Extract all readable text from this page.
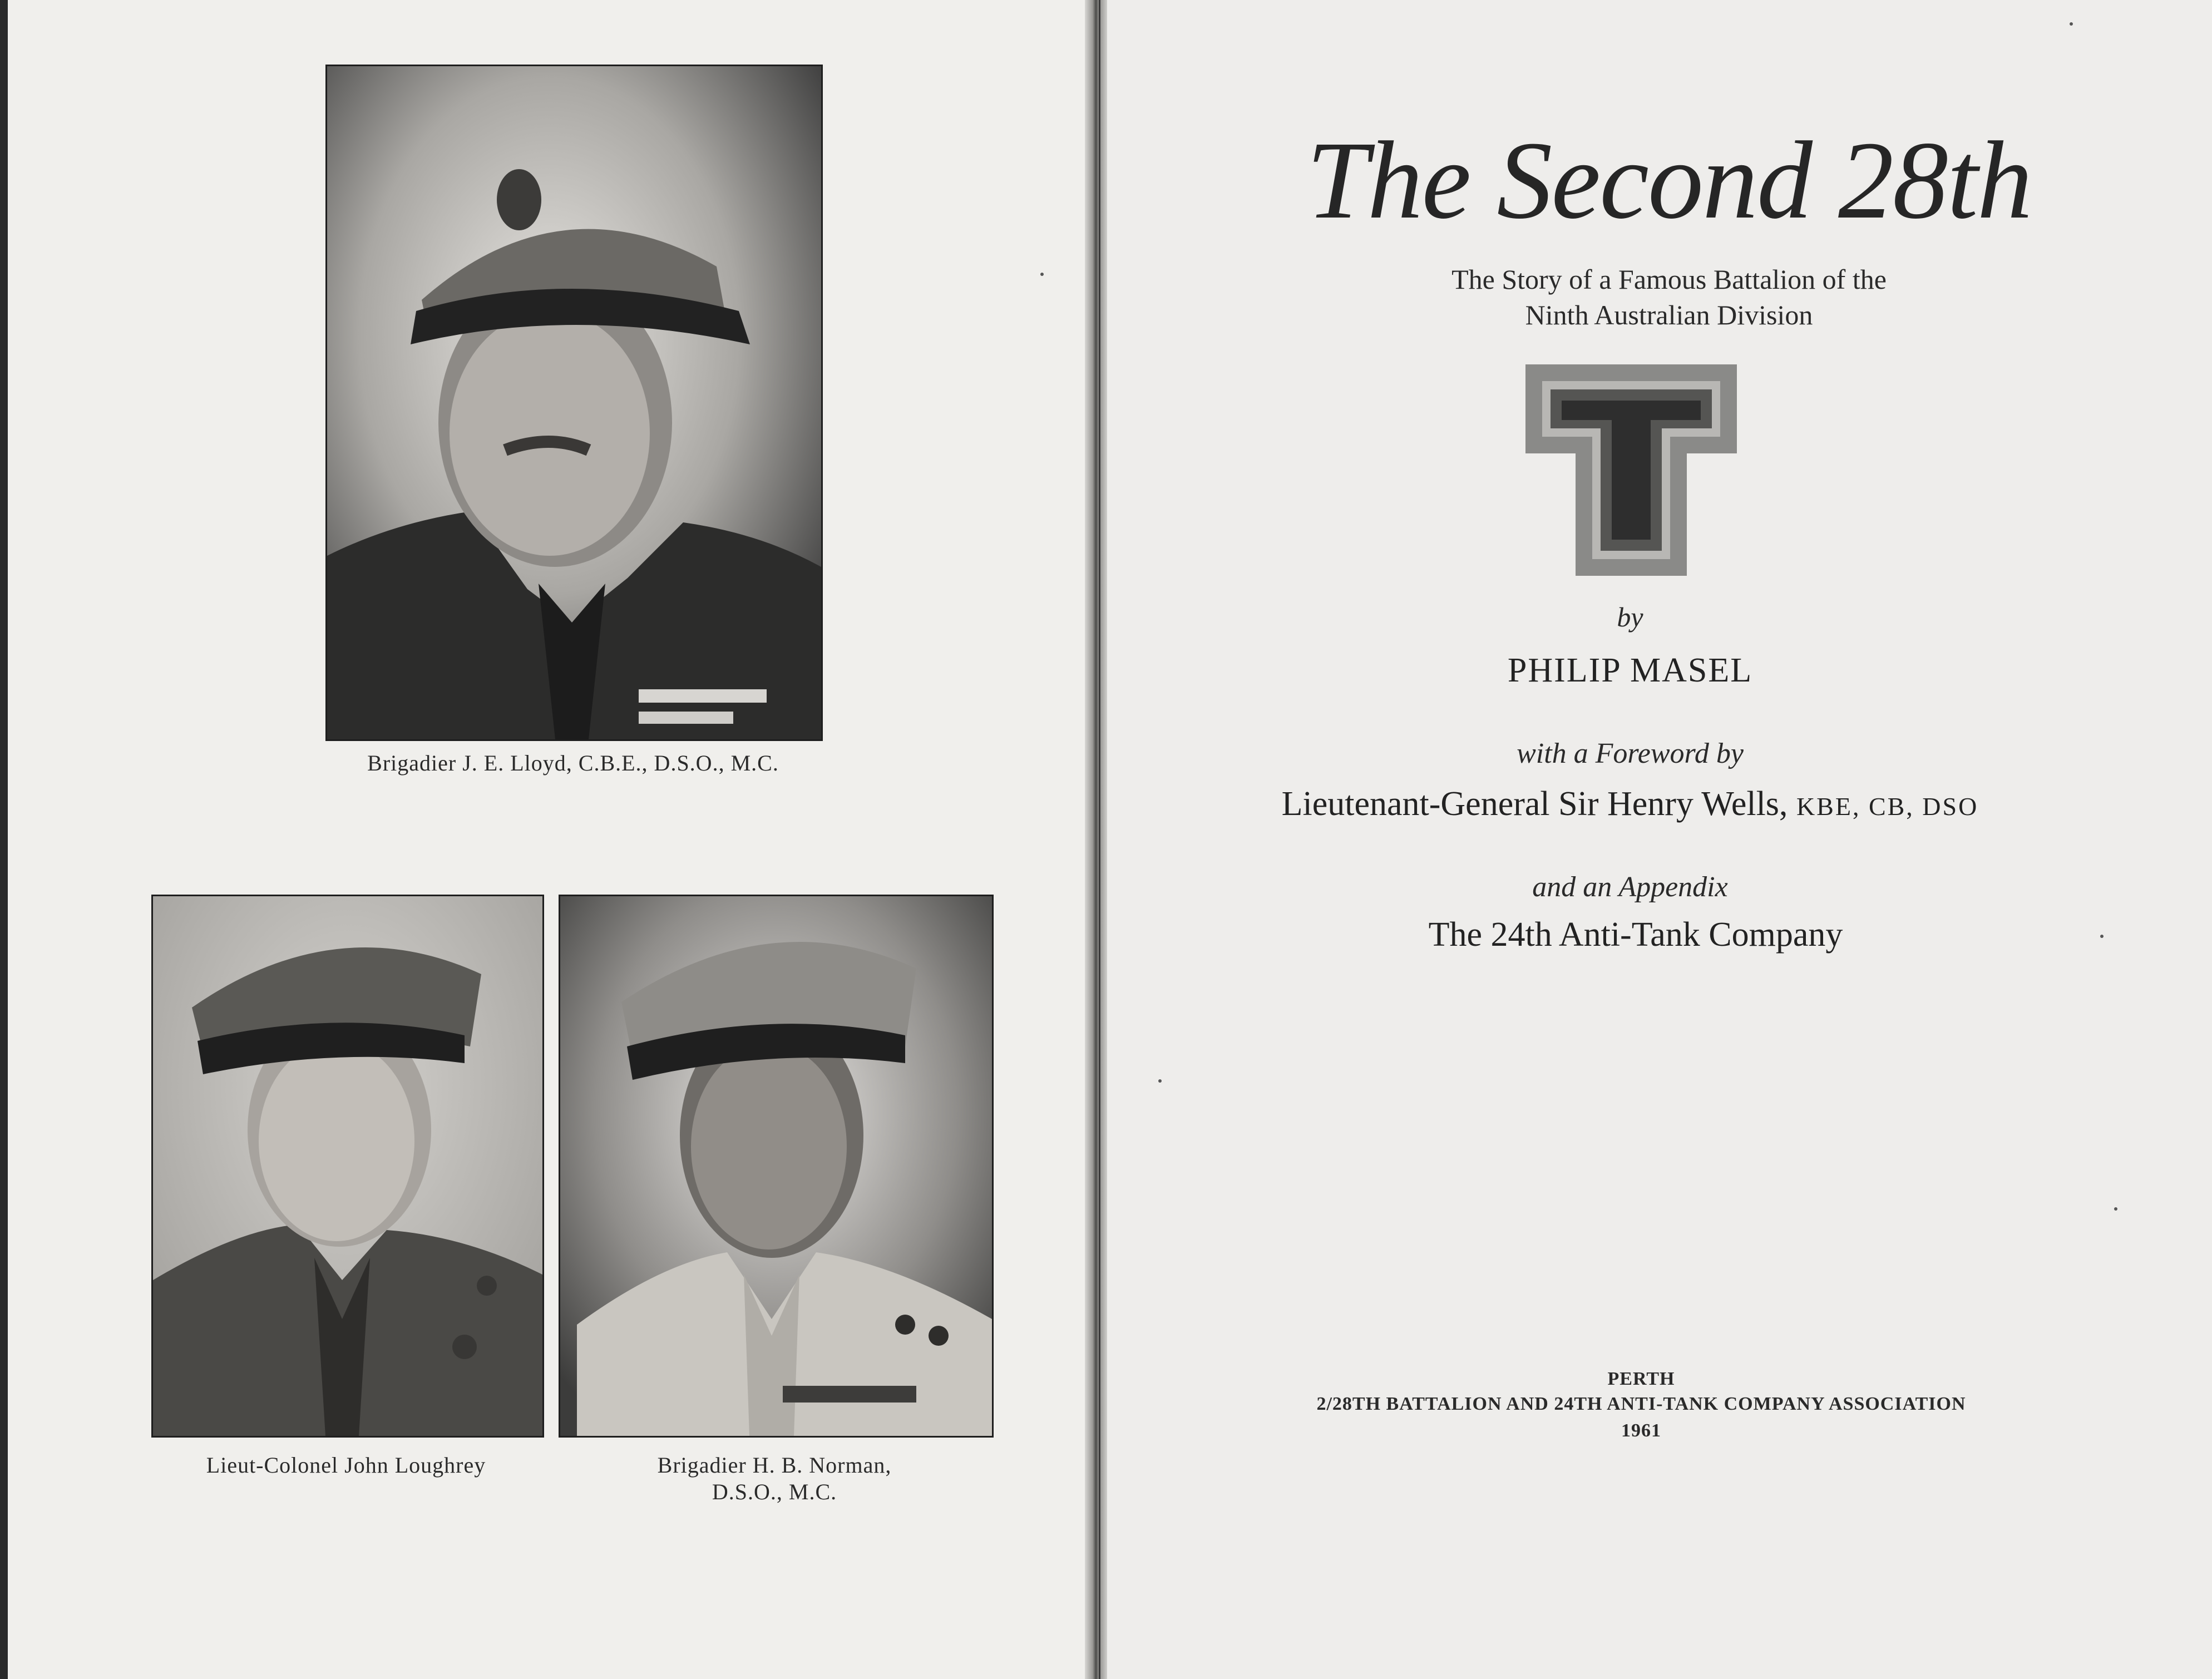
Brigadier J. E. Lloyd, C.B.E., D.S.O., M.C.
Lieut-Colonel John Loughrey	Brigadier H. B. Norman,
D.S.O., M.C.
The Second 28th
The Story of a Famous Battalion of the
Ninth Australian Division
by
PHILIP MASEL
with a Foreword by
Lieutenant-General Sir Henry Wells, KBE, CB, DSO
and an Appendix
The 24th Anti-Tank Company
PERTH
2/28TH BATTALION AND 24TH ANTI-TANK COMPANY ASSOCIATION
1961
